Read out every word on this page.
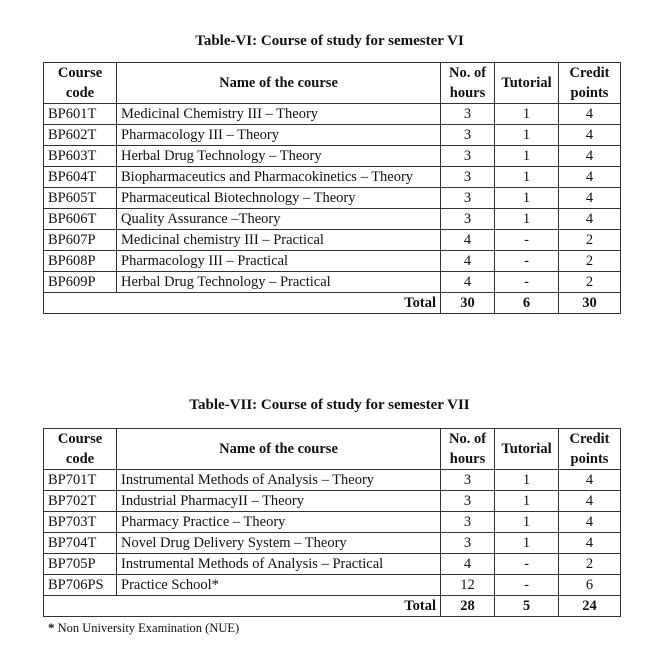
Table-VI: Course of study for semester VI
Course code	Name of the course	No. of hours	Tutorial	Credit points
BP601T	Medicinal Chemistry III – Theory	3	1	4
BP602T	Pharmacology III – Theory	3	1	4
BP603T	Herbal Drug Technology – Theory	3	1	4
BP604T	Biopharmaceutics and Pharmacokinetics – Theory	3	1	4
BP605T	Pharmaceutical Biotechnology – Theory	3	1	4
BP606T	Quality Assurance –Theory	3	1	4
BP607P	Medicinal chemistry III – Practical	4	-	2
BP608P	Pharmacology III – Practical	4	-	2
BP609P	Herbal Drug Technology – Practical	4	-	2
Total		30	6	30
Table-VII: Course of study for semester VII
Course code	Name of the course	No. of hours	Tutorial	Credit points
BP701T	Instrumental Methods of Analysis – Theory	3	1	4
BP702T	Industrial PharmacyII – Theory	3	1	4
BP703T	Pharmacy Practice – Theory	3	1	4
BP704T	Novel Drug Delivery System – Theory	3	1	4
BP705P	Instrumental Methods of Analysis – Practical	4	-	2
BP706PS	Practice School*	12	-	6
Total		28	5	24
* Non University Examination (NUE)
